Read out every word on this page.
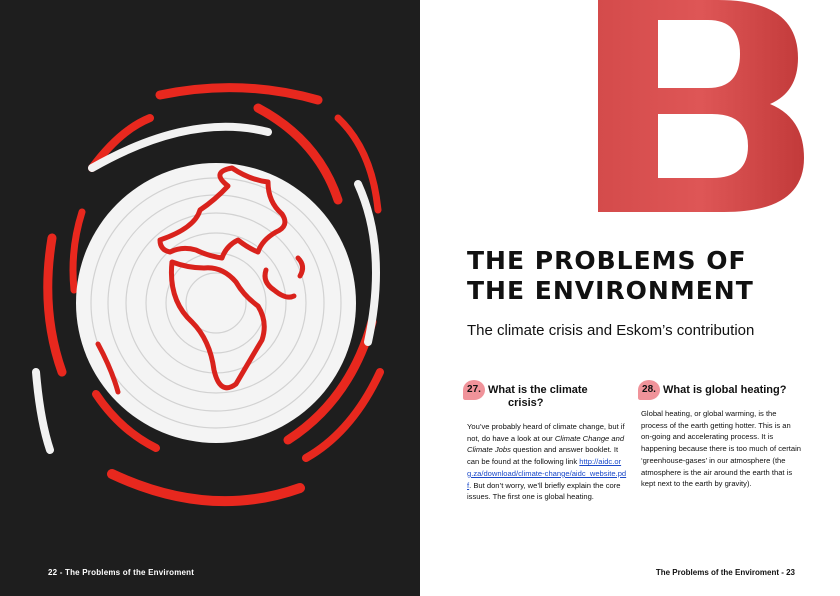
22 - The Problems of the Enviroment
THE PROBLEMS OF
THE ENVIRONMENT

The climate crisis and Eskom’s contribution

27. What is the climate
crisis?

You’ve probably heard of climate change, but if not, do have a look at our Climate Change and Climate Jobs question and answer booklet. It can be found at the following link http://aidc.org.za/download/climate-change/aidc_website.pdf. But don’t worry, we’ll briefly explain the core issues. The first one is global heating.

28. What is global heating?

Global heating, or global warming, is the process of the earth getting hotter. This is an on-going and accelerating process. It is happening because there is too much of certain ‘greenhouse-gases’ in our atmosphere (the atmosphere is the air around the earth that is kept next to the earth by gravity).

The Problems of the Enviroment - 23
